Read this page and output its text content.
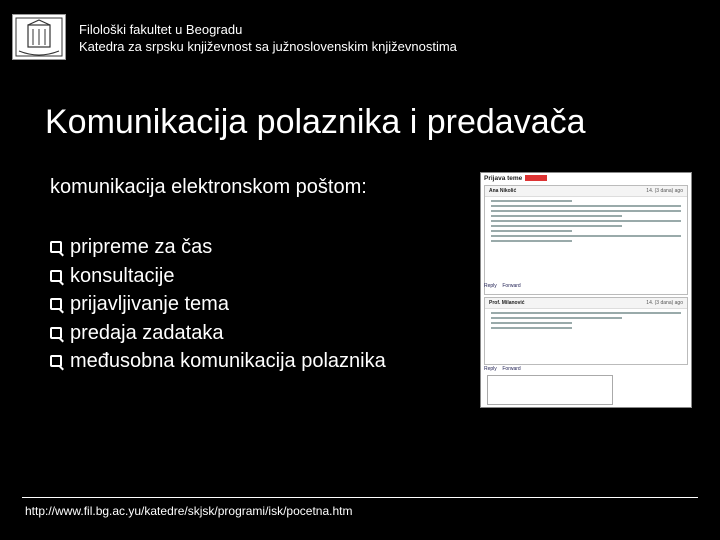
Filološki fakultet u Beogradu
Katedra za srpsku književnost sa južnoslovenskim književnostima
Komunikacija polaznika i predavača
komunikacija elektronskom poštom:
pripreme za čas
konsultacije
prijavljivanje tema
predaja zadataka
međusobna komunikacija polaznika
Prijava teme
Ana Nikolić	14. (3 dana) ago
Reply Forward
Prof. Milanović	14. (3 dana) ago
Reply Forward
http://www.fil.bg.ac.yu/katedre/skjsk/programi/isk/pocetna.htm
